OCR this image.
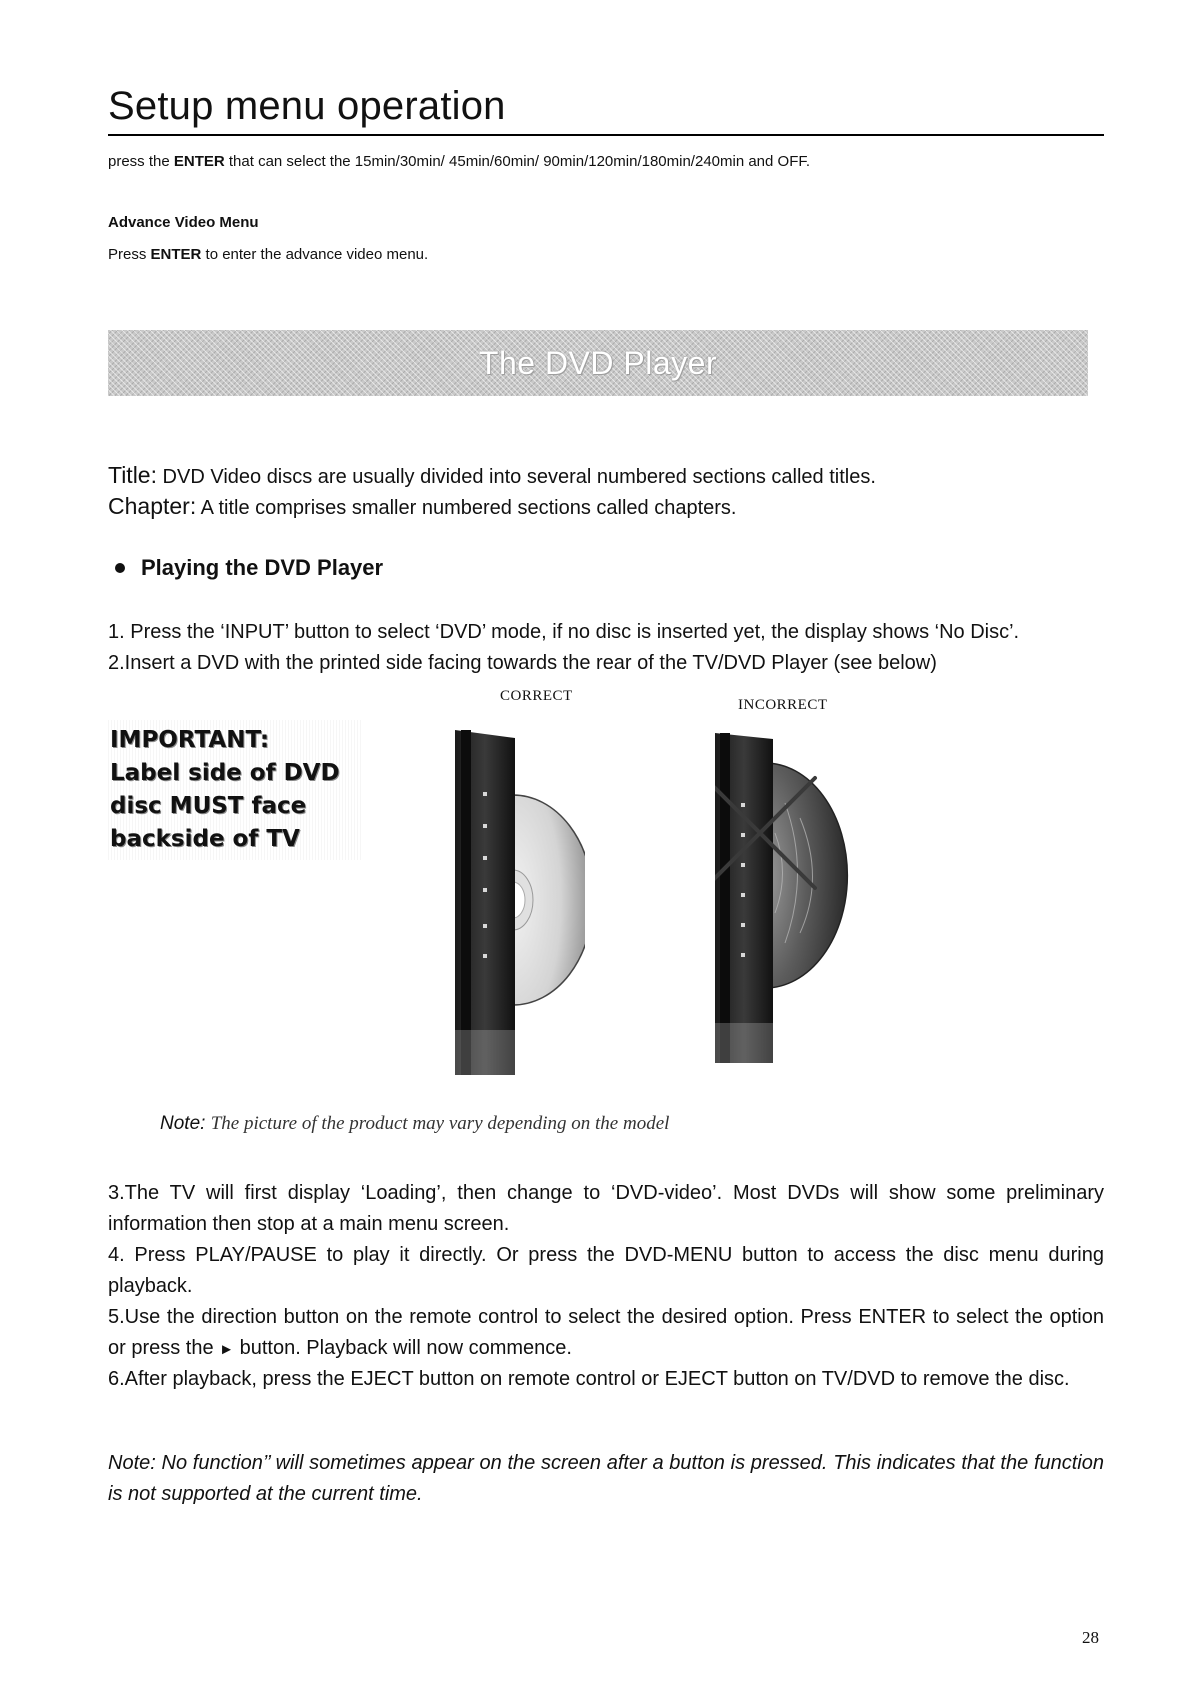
Setup menu operation
press the ENTER that can select the 15min/30min/ 45min/60min/ 90min/120min/180min/240min and OFF.
Advance Video Menu
Press ENTER to enter the advance video menu.
The DVD Player
Title: DVD Video discs are usually divided into several numbered sections called titles.
Chapter: A title comprises smaller numbered sections called chapters.
Playing the DVD Player
1. Press the ‘INPUT’ button to select ‘DVD’ mode, if no disc is inserted yet, the display shows ‘No Disc’.
2.Insert a DVD with the printed side facing towards the rear of the TV/DVD Player (see below)
CORRECT
INCORRECT
IMPORTANT:
Label side of DVD
disc MUST face
backside of TV
Note: The picture of the product may vary depending on the model
3.The TV will first display ‘Loading’, then change to ‘DVD-video’. Most DVDs will show some preliminary information then stop at a main menu screen.
4. Press PLAY/PAUSE to play it directly. Or press the DVD-MENU button to access the disc menu during playback.
5.Use the direction button on the remote control to select the desired option. Press ENTER to select the option or press the ► button. Playback will now commence.
6.After playback, press the EJECT button on remote control or EJECT button on TV/DVD to remove the disc.
Note: No function’’ will sometimes appear on the screen after a button is pressed. This indicates that the function is not supported at the current time.
28
